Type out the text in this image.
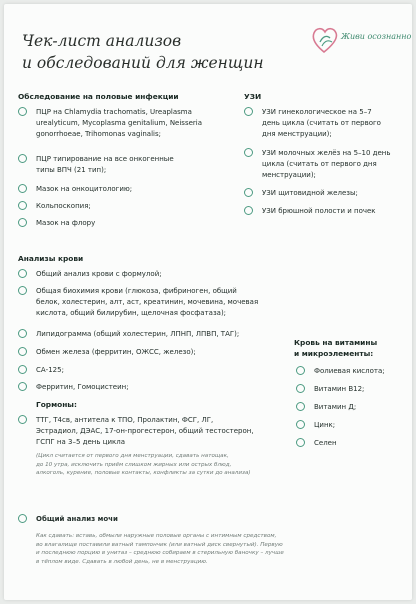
Чек-лист анализов
и обследований для женщин
Живи осознанно
Обследование на половые инфекции
ПЦР на Chlamydia trachomatis, Ureaplasma
urealyticum, Mycoplasma genitalium, Neisseria
gonorrhoeae, Trihomonas vaginalis;
ПЦР типирование на все онкогенные
типы ВПЧ (21 тип);
Мазок на онкоцитологию;
Кольпоскопия;
Мазок на флору
УЗИ
УЗИ гинекологическое на 5–7
день цикла (считать от первого
дня менструации);
УЗИ молочных желёз на 5–10 день
цикла (считать от первого дня
менструации);
УЗИ щитовидной железы;
УЗИ брюшной полости и почек
Анализы крови
Общий анализ крови с формулой;
Общая биохимия крови (глюкоза, фибриноген, общий
белок, холестерин, алт, аст, креатинин, мочевина, мочевая
кислота, общий билирубин, щелочная фосфатаза);
Липидограмма (общий холестерин, ЛПНП, ЛПВП, ТАГ);
Обмен железа (ферритин, ОЖСС, железо);
СА-125;
Ферритин, Гомоцистеин;
Гормоны:
ТТГ, Т4св, антитела к ТПО, Пролактин, ФСГ, ЛГ,
Эстрадиол, ДЭАС, 17-он-прогестерон, общий тестостерон,
ГСПГ на 3–5 день цикла
(Цикл считается от первого дня менструации, сдавать натощак,
до 10 утра, исключить приём слишком жирных или острых блюд,
алкоголь, курение, половые контакты, конфликты за сутки до анализа)
Кровь на витамины
и микроэлементы:
Фолиевая кислота;
Витамин В12;
Витамин Д;
Цинк;
Селен
Общий анализ мочи
Как сдавать: вставь, обмыли наружные половые органы с интимным средством,
во влагалище поставили ватный тампончик (или ватный диск свернутый). Первую
и последнюю порцию в унитаз – среднюю собираем в стерильную баночку – лучше
в тёплом виде. Сдавать в любой день, не в менструацию.
